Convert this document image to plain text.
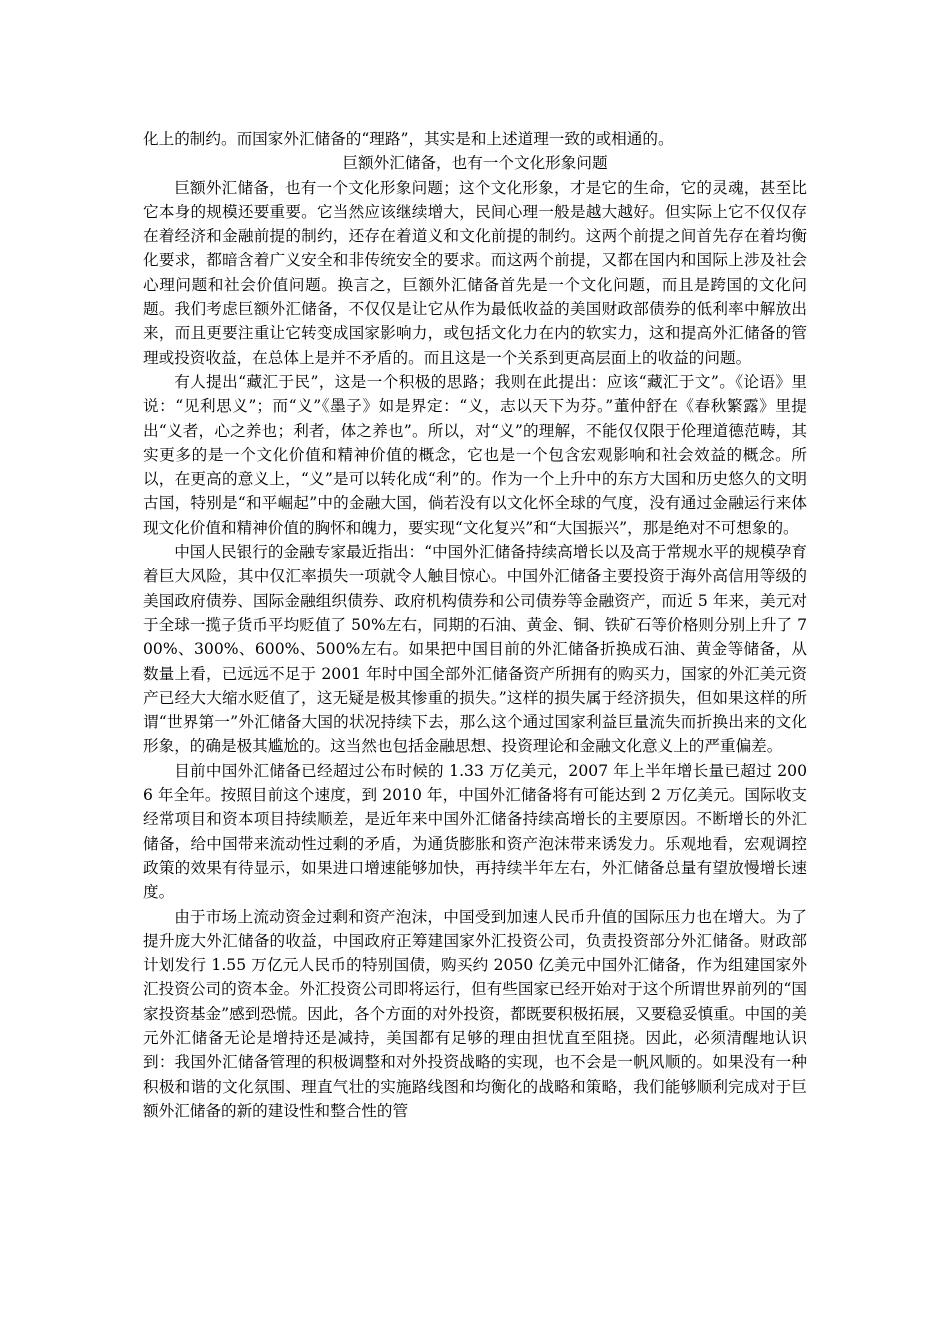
化上的制约。而国家外汇储备的“理路”，其实是和上述道理一致的或相通的。

巨额外汇储备，也有一个文化形象问题

巨额外汇储备，也有一个文化形象问题；这个文化形象，才是它的生命，它的灵魂，甚至比它本身的规模还要重要。它当然应该继续增大，民间心理一般是越大越好。但实际上它不仅仅存在着经济和金融前提的制约，还存在着道义和文化前提的制约。这两个前提之间首先存在着均衡化要求，都暗含着广义安全和非传统安全的要求。而这两个前提，又都在国内和国际上涉及社会心理问题和社会价值问题。换言之，巨额外汇储备首先是一个文化问题，而且是跨国的文化问题。我们考虑巨额外汇储备，不仅仅是让它从作为最低收益的美国财政部债券的低利率中解放出来，而且更要注重让它转变成国家影响力，或包括文化力在内的软实力，这和提高外汇储备的管理或投资收益，在总体上是并不矛盾的。而且这是一个关系到更高层面上的收益的问题。

有人提出“藏汇于民”，这是一个积极的思路；我则在此提出：应该“藏汇于文”。《论语》里说：“见利思义”；而“义”《墨子》如是界定：“义，志以天下为芬。”董仲舒在《春秋繁露》里提出“义者，心之养也；利者，体之养也”。所以，对“义”的理解，不能仅仅限于伦理道德范畴，其实更多的是一个文化价值和精神价值的概念，它也是一个包含宏观影响和社会效益的概念。所以，在更高的意义上，“义”是可以转化成“利”的。作为一个上升中的东方大国和历史悠久的文明古国，特别是“和平崛起”中的金融大国，倘若没有以文化怀全球的气度，没有通过金融运行来体现文化价值和精神价值的胸怀和魄力，要实现“文化复兴”和“大国振兴”，那是绝对不可想象的。

中国人民银行的金融专家最近指出：“中国外汇储备持续高增长以及高于常规水平的规模孕育着巨大风险，其中仅汇率损失一项就令人触目惊心。中国外汇储备主要投资于海外高信用等级的美国政府债券、国际金融组织债券、政府机构债券和公司债券等金融资产，而近 5 年来，美元对于全球一揽子货币平均贬值了 50%左右，同期的石油、黄金、铜、铁矿石等价格则分别上升了 700%、300%、600%、500%左右。如果把中国目前的外汇储备折换成石油、黄金等储备，从数量上看，已远远不足于 2001 年时中国全部外汇储备资产所拥有的购买力，国家的外汇美元资产已经大大缩水贬值了，这无疑是极其惨重的损失。”这样的损失属于经济损失，但如果这样的所谓“世界第一”外汇储备大国的状况持续下去，那么这个通过国家利益巨量流失而折换出来的文化形象，的确是极其尴尬的。这当然也包括金融思想、投资理论和金融文化意义上的严重偏差。

目前中国外汇储备已经超过公布时候的 1.33 万亿美元，2007 年上半年增长量已超过 2006 年全年。按照目前这个速度，到 2010 年，中国外汇储备将有可能达到 2 万亿美元。国际收支经常项目和资本项目持续顺差，是近年来中国外汇储备持续高增长的主要原因。不断增长的外汇储备，给中国带来流动性过剩的矛盾，为通货膨胀和资产泡沫带来诱发力。乐观地看，宏观调控政策的效果有待显示，如果进口增速能够加快，再持续半年左右，外汇储备总量有望放慢增长速度。

由于市场上流动资金过剩和资产泡沫，中国受到加速人民币升值的国际压力也在增大。为了提升庞大外汇储备的收益，中国政府正筹建国家外汇投资公司，负责投资部分外汇储备。财政部计划发行 1.55 万亿元人民币的特别国债，购买约 2050 亿美元中国外汇储备，作为组建国家外汇投资公司的资本金。外汇投资公司即将运行，但有些国家已经开始对于这个所谓世界前列的“国家投资基金”感到恐慌。因此，各个方面的对外投资，都既要积极拓展，又要稳妥慎重。中国的美元外汇储备无论是增持还是减持，美国都有足够的理由担忧直至阻挠。因此，必须清醒地认识到：我国外汇储备管理的积极调整和对外投资战略的实现，也不会是一帆风顺的。如果没有一种积极和谐的文化氛围、理直气壮的实施路线图和均衡化的战略和策略，我们能够顺利完成对于巨额外汇储备的新的建设性和整合性的管
